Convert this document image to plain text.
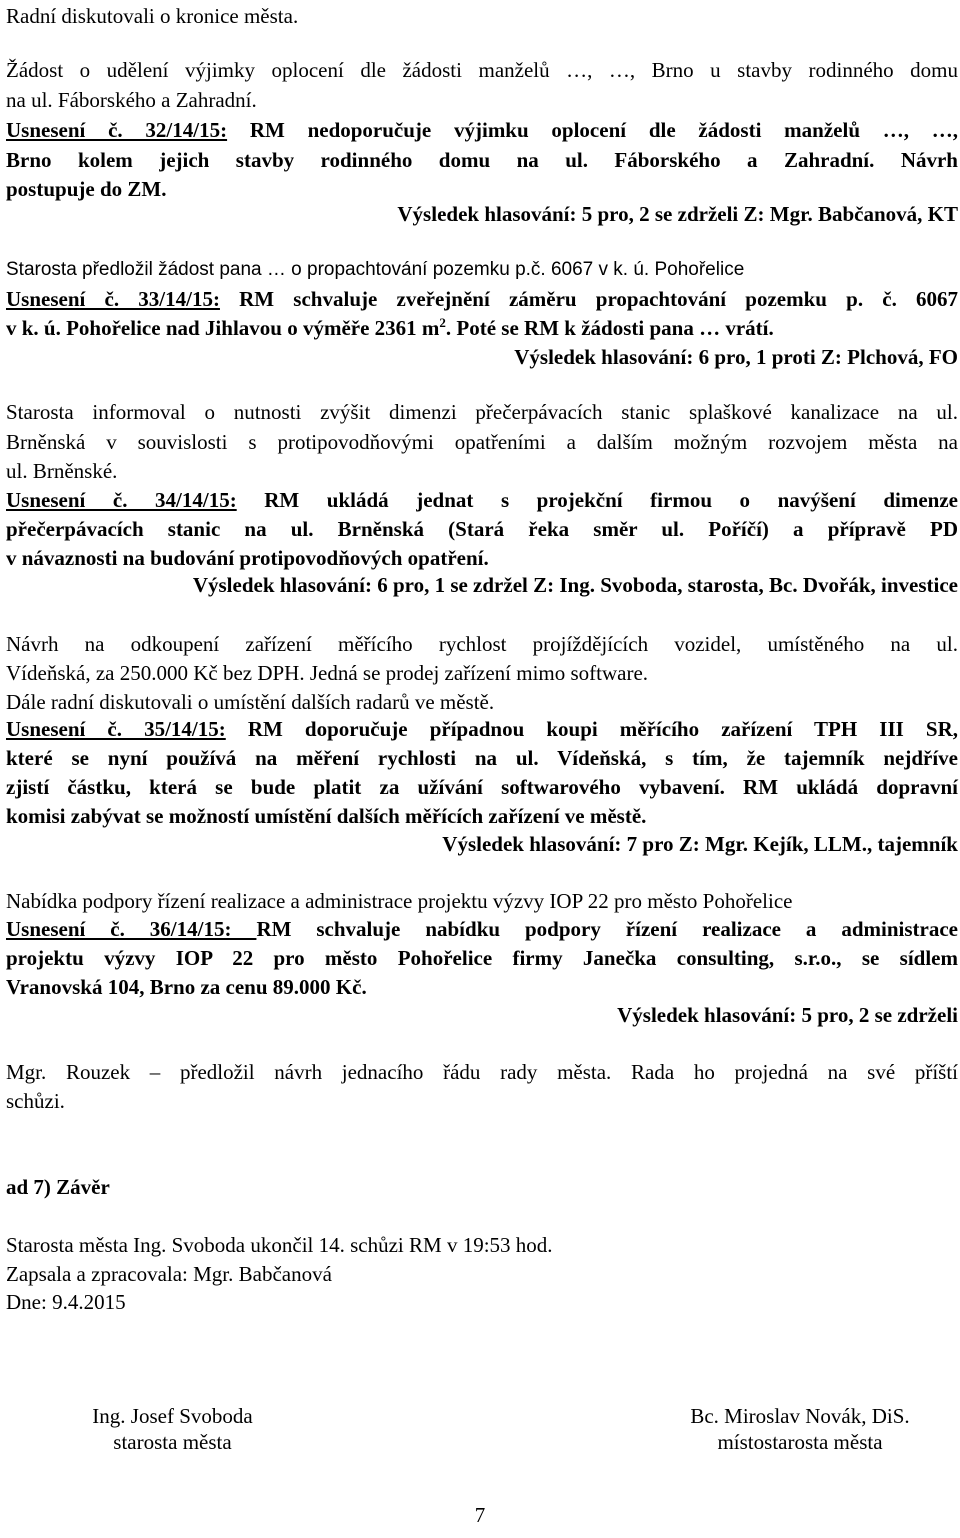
Radní diskutovali o kronice města.

Žádost o udělení výjimky oplocení dle žádosti manželů …, …, Brno u stavby rodinného domu

na ul. Fáborského a Zahradní.

Usnesení č. 32/14/15: RM nedoporučuje výjimku oplocení dle žádosti manželů …, …,

Brno kolem jejich stavby rodinného domu na ul. Fáborského a Zahradní. Návrh

postupuje do ZM.

Výsledek hlasování: 5 pro, 2 se zdrželi Z: Mgr. Babčanová, KT

Starosta předložil žádost pana … o propachtování pozemku p.č. 6067 v k. ú. Pohořelice

Usnesení č. 33/14/15: RM schvaluje zveřejnění záměru propachtování pozemku p. č. 6067

v k. ú. Pohořelice nad Jihlavou o výměře 2361 $m^2$. Poté se RM k žádosti pana … vrátí.

Výsledek hlasování: 6 pro, 1 proti Z: Plchová, FO

Starosta informoval o nutnosti zvýšit dimenzi přečerpávacích stanic splaškové kanalizace na ul.

Brněnská v souvislosti s protipovodňovými opatřeními a dalším možným rozvojem města na

ul. Brněnské.

Usnesení č. 34/14/15: RM ukládá jednat s projekční firmou o navýšení dimenze

přečerpávacích stanic na ul. Brněnská (Stará řeka směr ul. Poříčí) a přípravě PD

v návaznosti na budování protipovodňových opatření.

Výsledek hlasování: 6 pro, 1 se zdržel Z: Ing. Svoboda, starosta, Bc. Dvořák, investice

Návrh na odkoupení zařízení měřícího rychlost projíždějících vozidel, umístěného na ul.

Vídeňská, za 250.000 Kč bez DPH. Jedná se prodej zařízení mimo software.

Dále radní diskutovali o umístění dalších radarů ve městě.

Usnesení č. 35/14/15: RM doporučuje případnou koupi měřícího zařízení TPH III SR,

které se nyní používá na měření rychlosti na ul. Vídeňská, s tím, že tajemník nejdříve

zjistí částku, která se bude platit za užívání softwarového vybavení. RM ukládá dopravní

komisi zabývat se možností umístění dalších měřících zařízení ve městě.

Výsledek hlasování: 7 pro Z: Mgr. Kejík, LLM., tajemník

Nabídka podpory řízení realizace a administrace projektu výzvy IOP 22 pro město Pohořelice

Usnesení č. 36/14/15: RM schvaluje nabídku podpory řízení realizace a administrace

projektu výzvy IOP 22 pro město Pohořelice firmy Janečka consulting, s.r.o., se sídlem

Vranovská 104, Brno za cenu 89.000 Kč.

Výsledek hlasování: 5 pro, 2 se zdrželi

Mgr. Rouzek – předložil návrh jednacího řádu rady města. Rada ho projedná na své příští

schůzi.

ad 7) Závěr

Starosta města Ing. Svoboda ukončil 14. schůzi RM v 19:53 hod.

Zapsala a zpracovala: Mgr. Babčanová

Dne: 9.4.2015

Ing. Josef Svoboda
starosta města
Bc. Miroslav Novák, DiS.
místostarosta města
7
